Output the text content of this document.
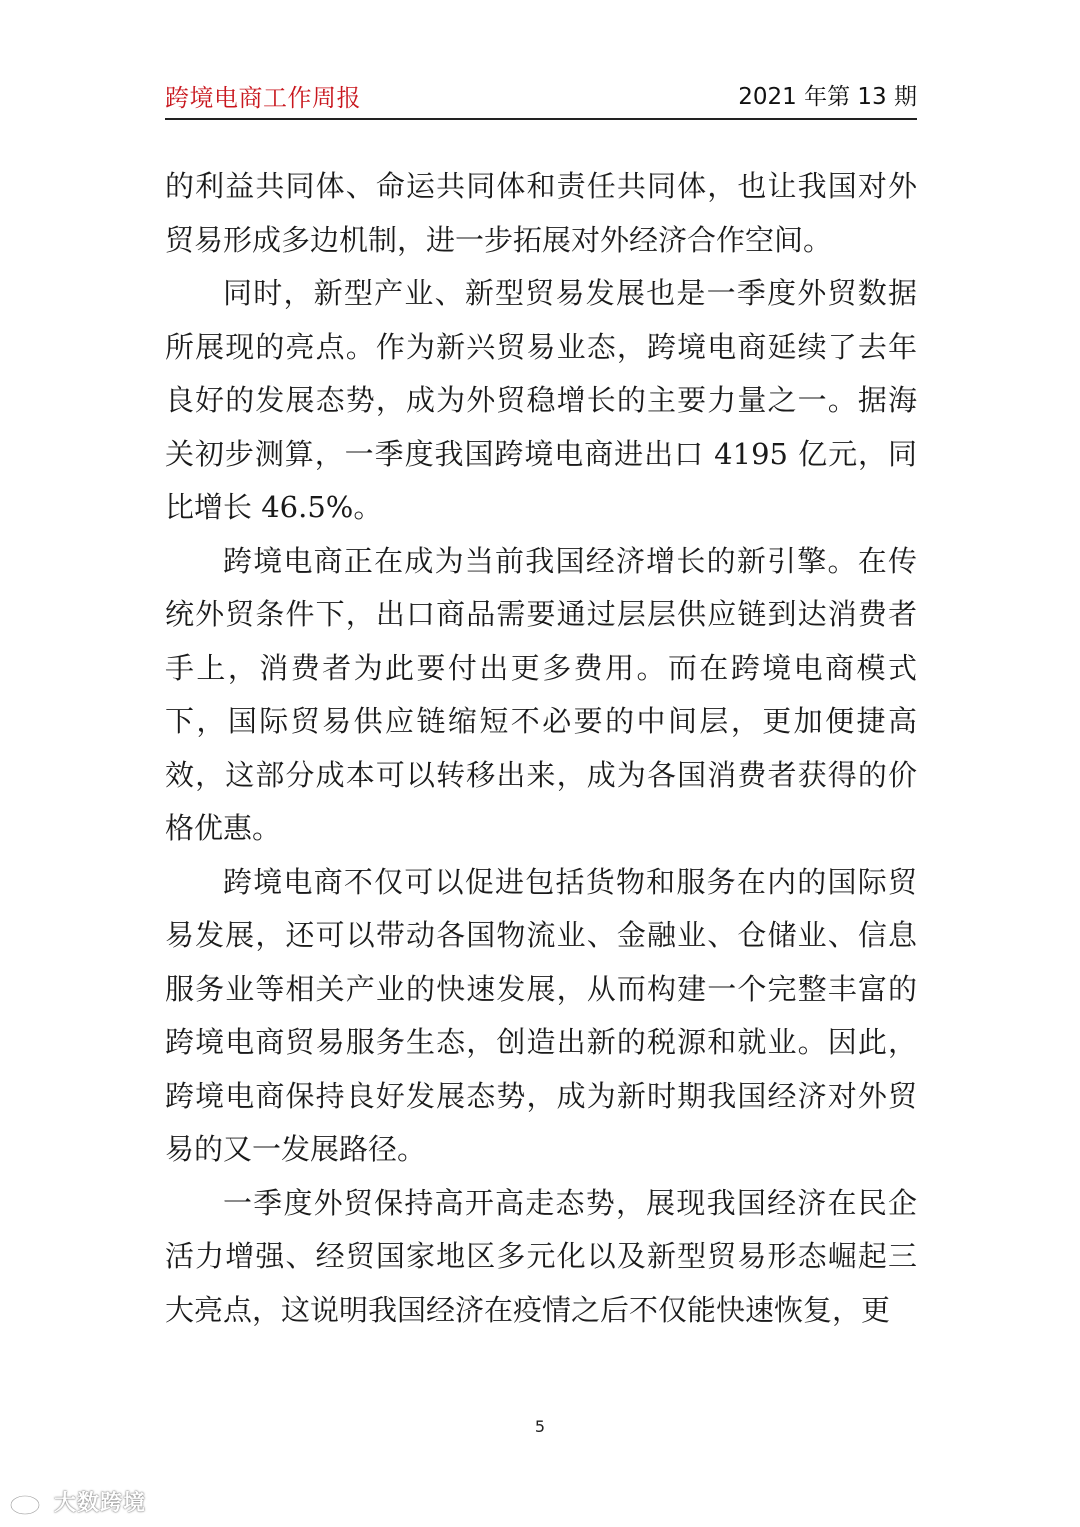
跨境电商工作周报	2021 年第 13 期

的利益共同体、命运共同体和责任共同体，也让我国对外贸易形成多边机制，进一步拓展对外经济合作空间。

同时，新型产业、新型贸易发展也是一季度外贸数据所展现的亮点。作为新兴贸易业态，跨境电商延续了去年良好的发展态势，成为外贸稳增长的主要力量之一。据海关初步测算，一季度我国跨境电商进出口 4195 亿元，同比增长 46.5%。

跨境电商正在成为当前我国经济增长的新引擎。在传统外贸条件下，出口商品需要通过层层供应链到达消费者手上，消费者为此要付出更多费用。而在跨境电商模式下，国际贸易供应链缩短不必要的中间层，更加便捷高效，这部分成本可以转移出来，成为各国消费者获得的价格优惠。

跨境电商不仅可以促进包括货物和服务在内的国际贸易发展，还可以带动各国物流业、金融业、仓储业、信息服务业等相关产业的快速发展，从而构建一个完整丰富的跨境电商贸易服务生态，创造出新的税源和就业。因此，跨境电商保持良好发展态势，成为新时期我国经济对外贸易的又一发展路径。

一季度外贸保持高开高走态势，展现我国经济在民企活力增强、经贸国家地区多元化以及新型贸易形态崛起三大亮点，这说明我国经济在疫情之后不仅能快速恢复，更

5
大数跨境
